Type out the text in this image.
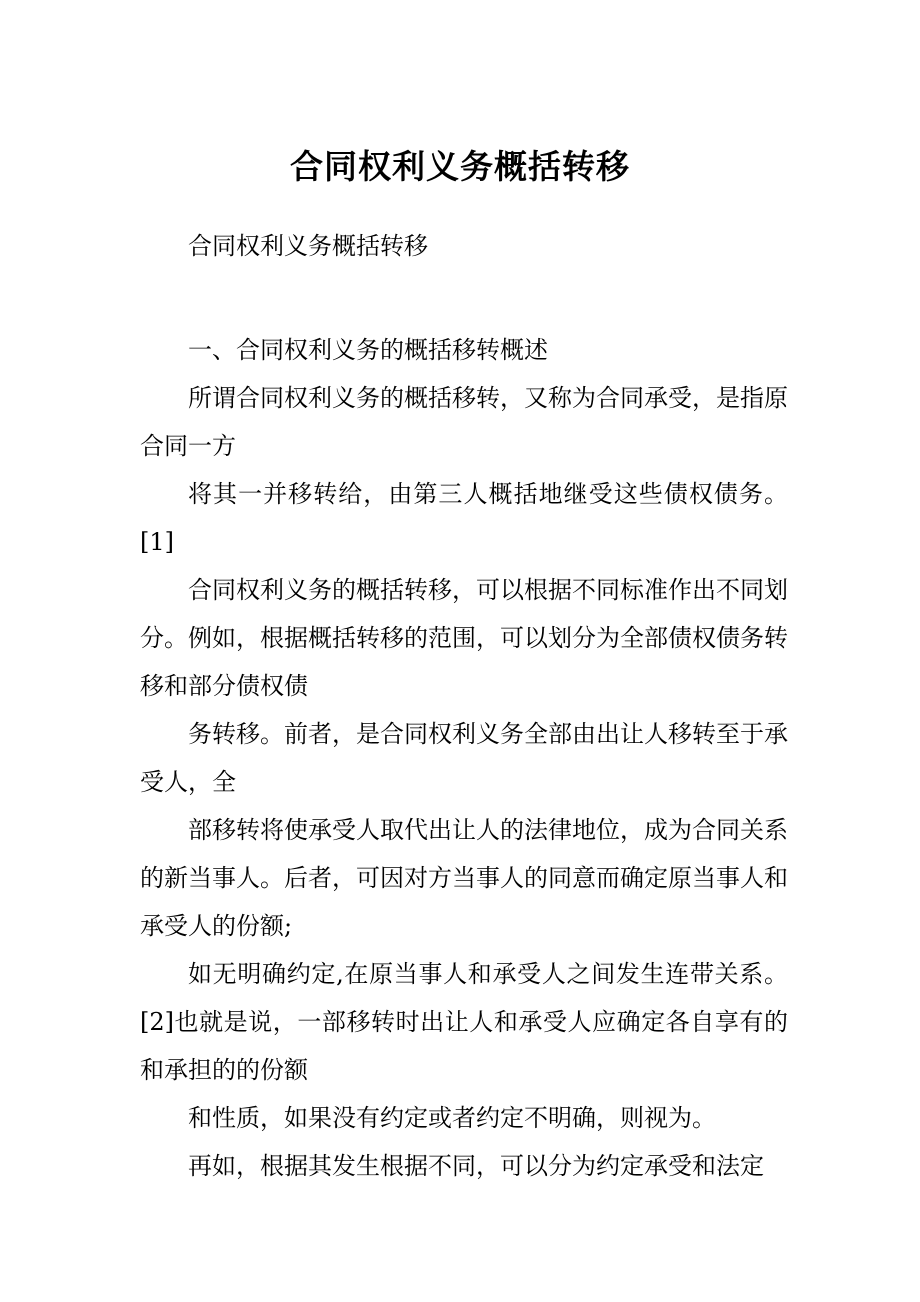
合同权利义务概括转移

合同权利义务概括转移

一、合同权利义务的概括移转概述

所谓合同权利义务的概括移转，又称为合同承受，是指原合同一方

将其一并移转给，由第三人概括地继受这些债权债务。[1]

合同权利义务的概括转移，可以根据不同标准作出不同划分。例如，根据概括转移的范围，可以划分为全部债权债务转移和部分债权债

务转移。前者，是合同权利义务全部由出让人移转至于承受人，全

部移转将使承受人取代出让人的法律地位，成为合同关系的新当事人。后者，可因对方当事人的同意而确定原当事人和承受人的份额;

如无明确约定,在原当事人和承受人之间发生连带关系。[2]也就是说，一部移转时出让人和承受人应确定各自享有的和承担的的份额

和性质，如果没有约定或者约定不明确，则视为。

再如，根据其发生根据不同，可以分为约定承受和法定
